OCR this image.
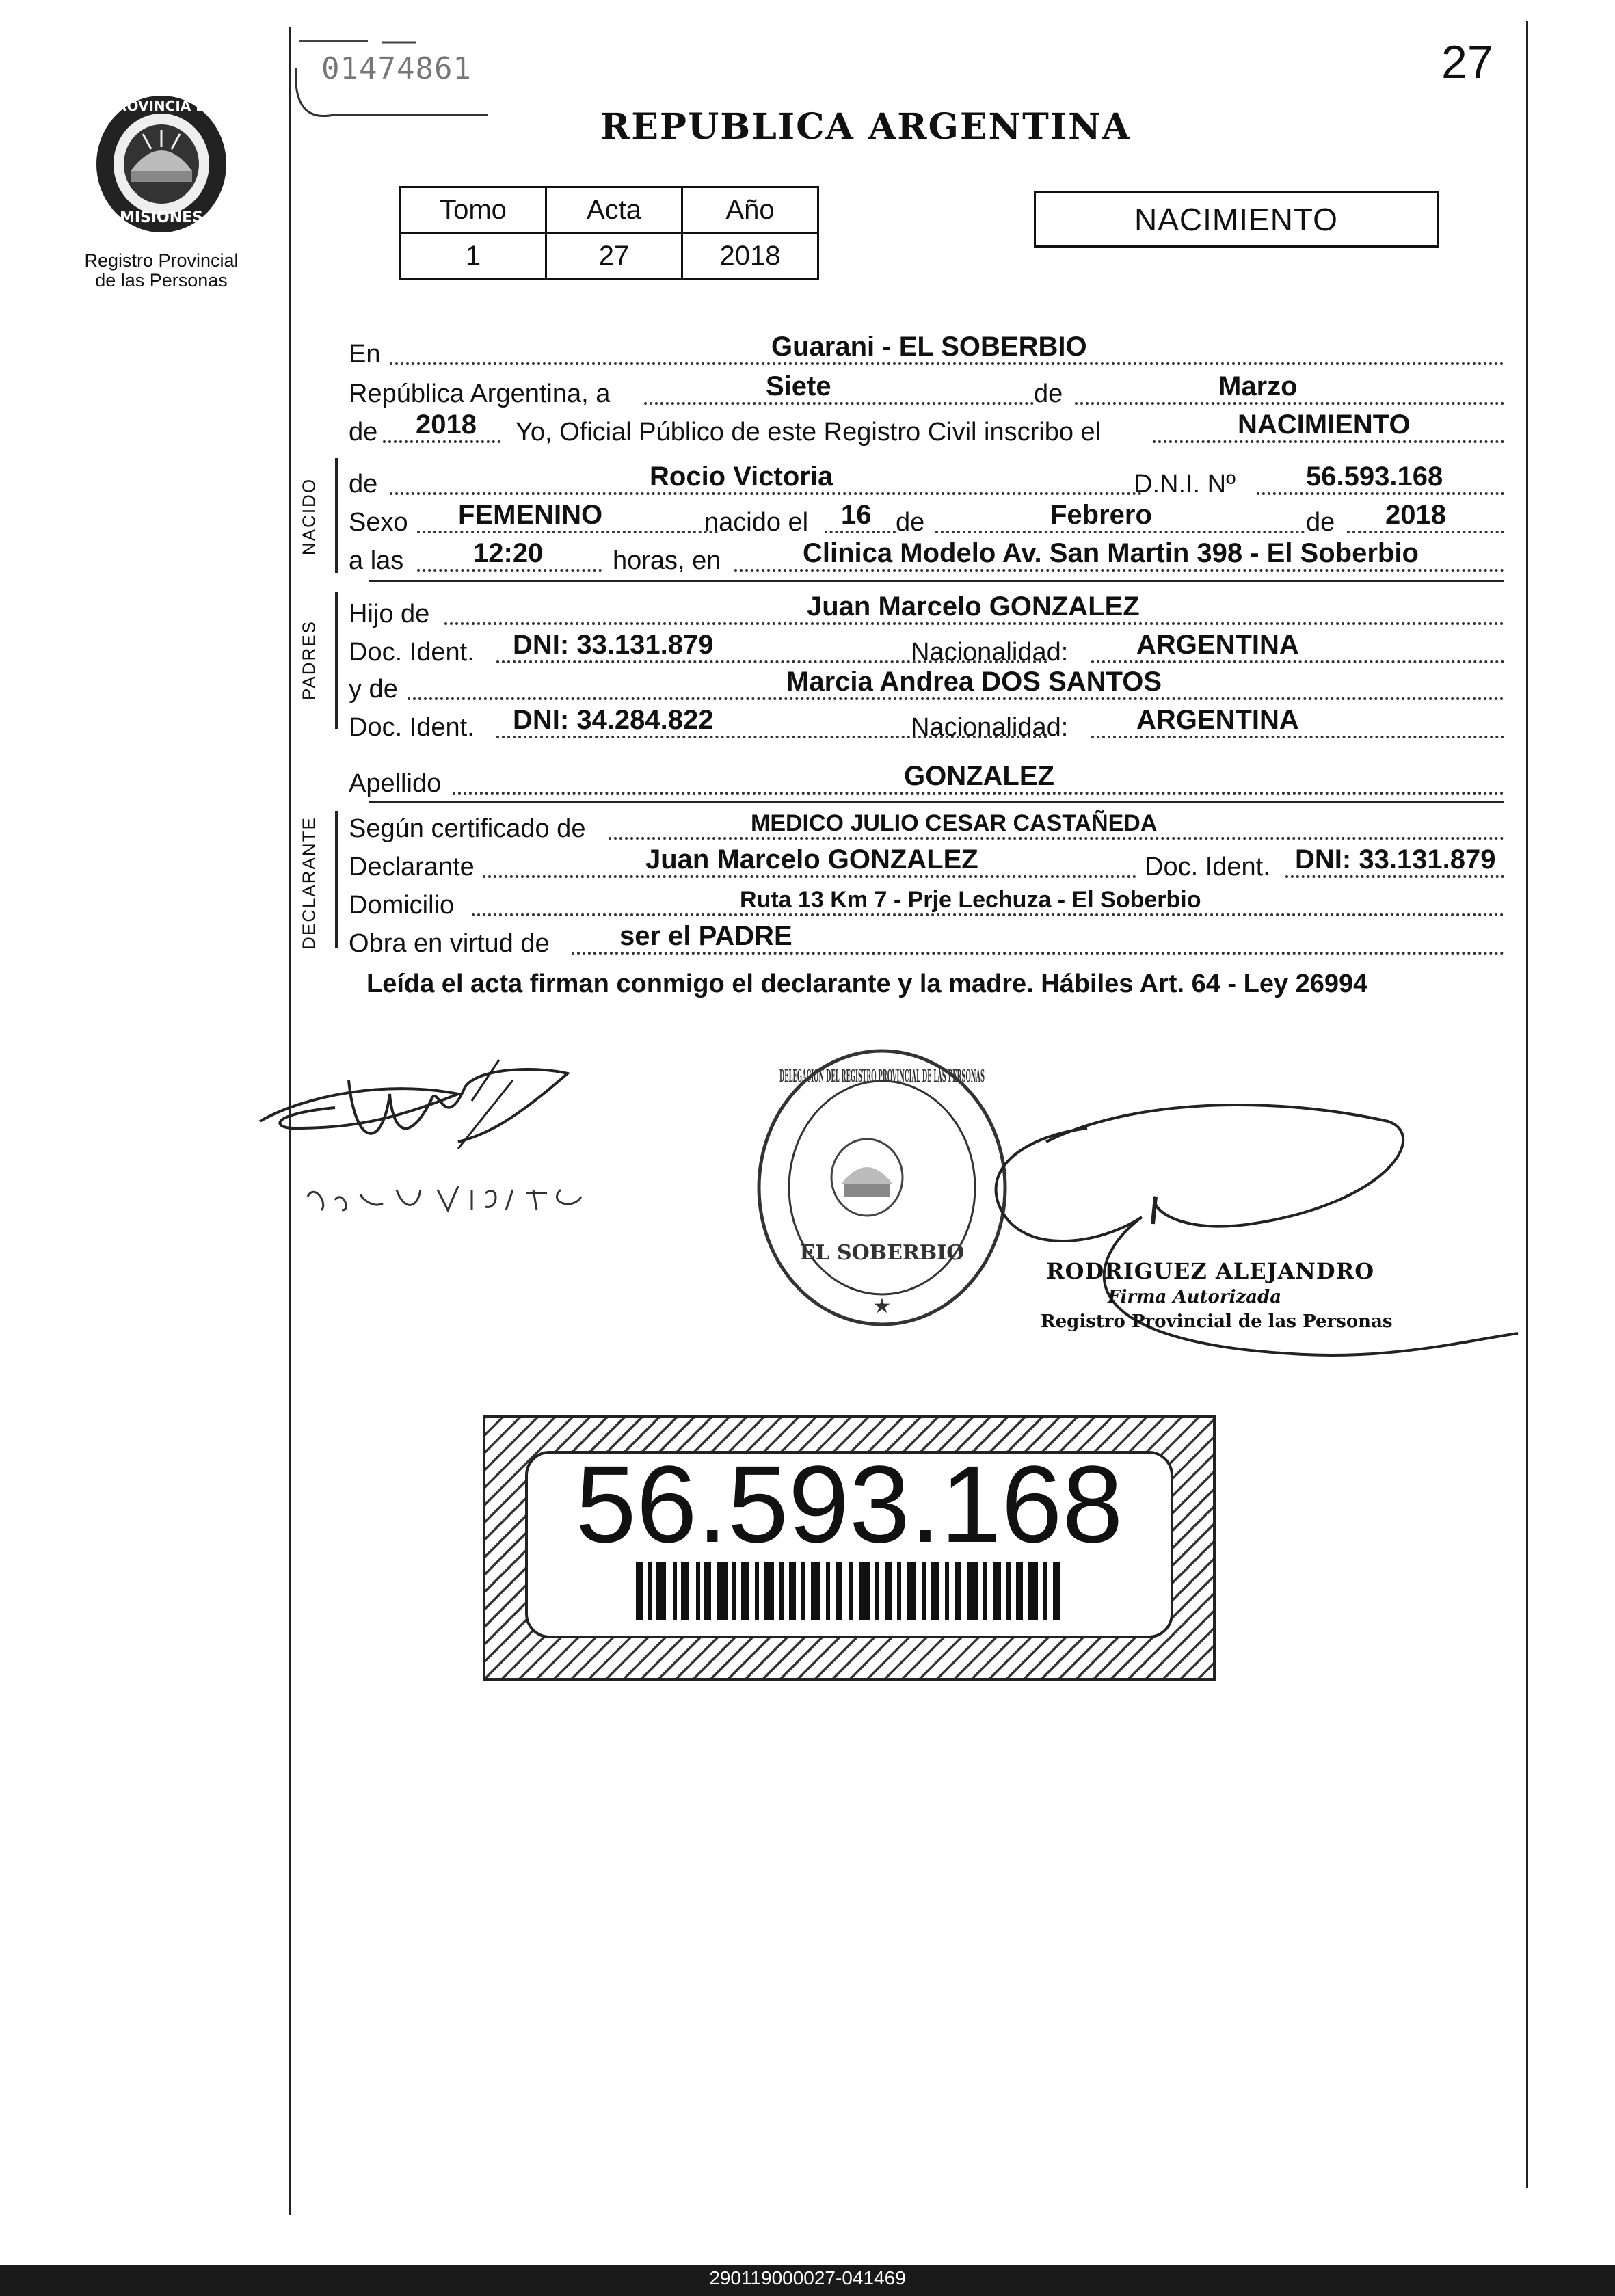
PROVINCIA DE
MISIONES
Registro Provincial
de las Personas
01474861	27
REPUBLICA ARGENTINA
Tomo	Acta	Año
1	27	2018
NACIMIENTO
En	Guarani - EL SOBERBIO
República Argentina, a	Siete	de	Marzo
de 2018 Yo, Oficial Público de este Registro Civil inscribo el	NACIMIENTO
NACIDO de	Rocio Victoria	D.N.I. Nº	56.593.168
Sexo FEMENINO	nacido el 16 de	Febrero	de 2018
a las	12:20	horas, en	Clinica Modelo Av. San Martin 398 - El Soberbio
PADRES
Hijo de	Juan Marcelo GONZALEZ
Doc. Ident. DNI: 33.131.879	Nacionalidad: ARGENTINA
y de	Marcia Andrea DOS SANTOS
Doc. Ident. DNI: 34.284.822	Nacionalidad: ARGENTINA
Apellido	GONZALEZ
DECLARANTE Según certificado de	MEDICO JULIO CESAR CASTAÑEDA
Declarante	Juan Marcelo GONZALEZ	Doc. Ident. DNI: 33.131.879
Domicilio	Ruta 13 Km 7 - Prje Lechuza - El Soberbio
Obra en virtud de	ser el PADRE
Leída el acta firman conmigo el declarante y la madre. Hábiles Art. 64 - Ley 26994
DELEGACION DEL REGISTRO PROVINCIAL DE LAS PERSONAS
EL SOBERBIO
★
RODRIGUEZ ALEJANDRO
Firma Autorizada
Registro Provincial de las Personas
56.593.168
290119000027-041469
